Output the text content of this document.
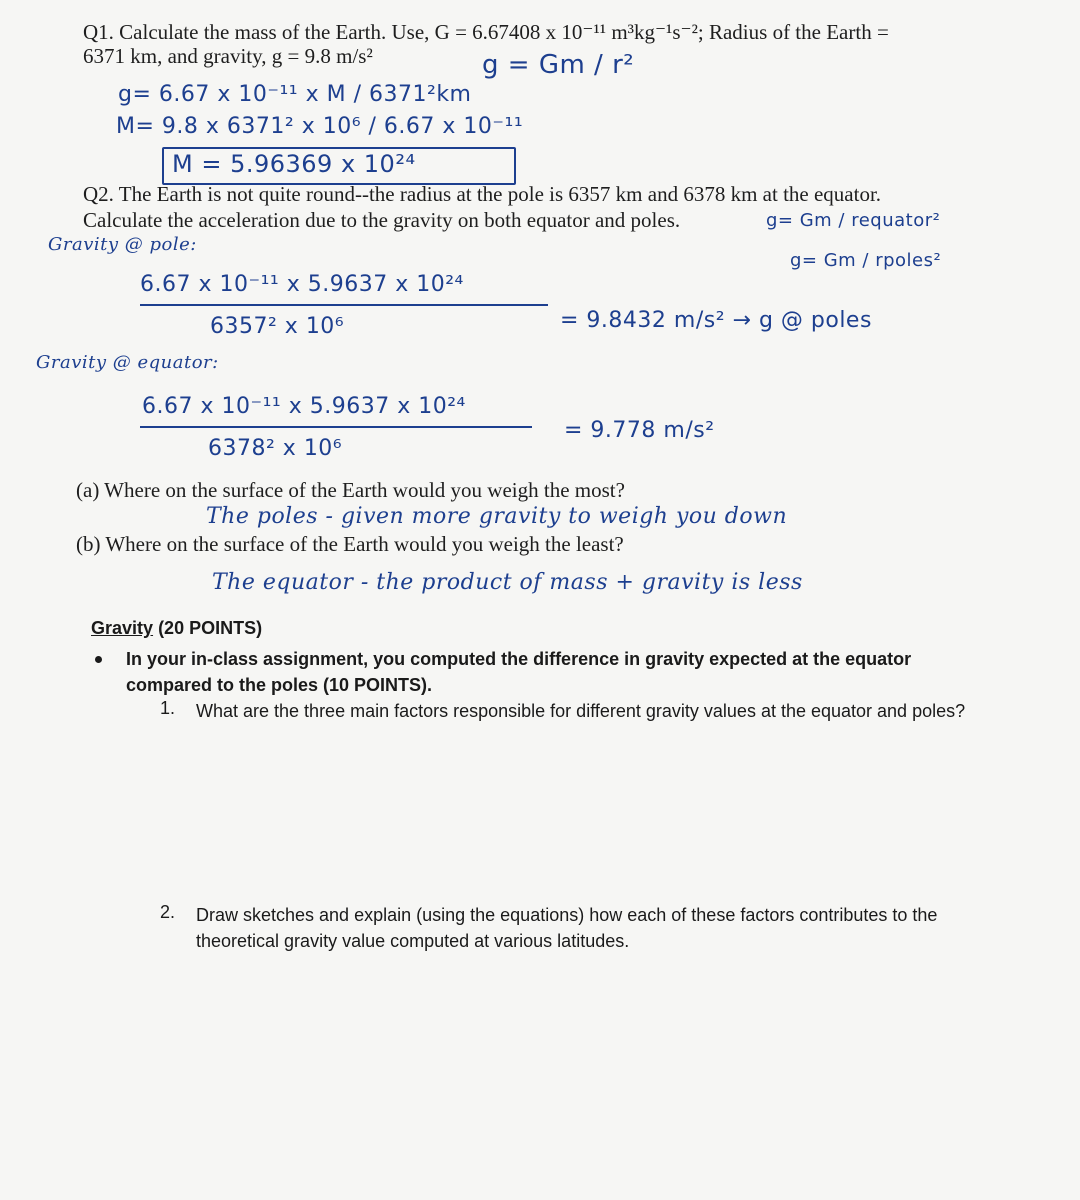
Q1. Calculate the mass of the Earth. Use, G = 6.67408 x 10⁻¹¹ m³kg⁻¹s⁻²; Radius of the Earth =
6371 km, and gravity, g = 9.8 m/s²	g = Gm / r²
g= 6.67 x 10⁻¹¹ x M / 6371²km
M= 9.8 x 6371² x 10⁶ / 6.67 x 10⁻¹¹
M = 5.96369 x 10²⁴
Q2. The Earth is not quite round--the radius at the pole is 6357 km and 6378 km at the equator.
Calculate the acceleration due to the gravity on both equator and poles.	g= Gm / requator²
Gravity @ pole:
g= Gm / rpoles²
6.67 x 10⁻¹¹ x 5.9637 x 10²⁴
6357² x 10⁶	= 9.8432 m/s² → g @ poles
Gravity @ equator:
6.67 x 10⁻¹¹ x 5.9637 x 10²⁴
6378² x 10⁶
= 9.778 m/s²
(a) Where on the surface of the Earth would you weigh the most?
The poles - given more gravity to weigh you down
(b) Where on the surface of the Earth would you weigh the least?
The equator - the product of mass + gravity is less
Gravity (20 POINTS)
In your in-class assignment, you computed the difference in gravity expected at the equator compared to the poles (10 POINTS).
1. What are the three main factors responsible for different gravity values at the equator and poles?
2. Draw sketches and explain (using the equations) how each of these factors contributes to the theoretical gravity value computed at various latitudes.
